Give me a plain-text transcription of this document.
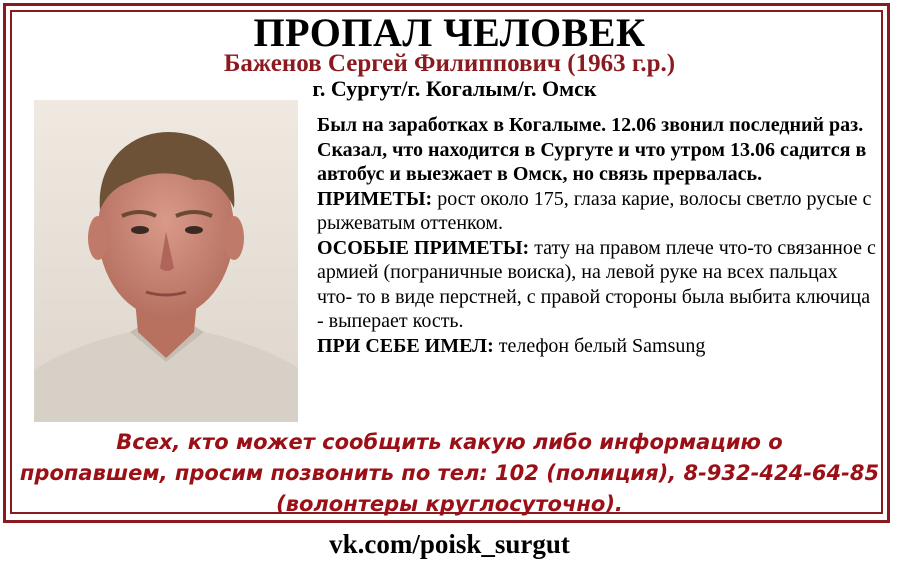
ПРОПАЛ ЧЕЛОВЕК
Баженов Сергей Филиппович (1963 г.р.)
г. Сургут/г. Когалым/г. Омск

Был на заработках в Когалыме. 12.06 звонил последний раз. Сказал, что находится в Сургуте и что утром 13.06 садится в автобус и выезжает в Омск, но связь прервалась.

ПРИМЕТЫ: рост около 175, глаза карие, волосы светло русые с рыжеватым оттенком.

ОСОБЫЕ ПРИМЕТЫ: тату на правом плече что-то связанное с армией (пограничные воиска), на левой руке на всех пальцах что- то в виде перстней, с правой стороны была выбита ключица - выперает кость.

ПРИ СЕБЕ ИМЕЛ: телефон белый Samsung

Всех, кто может сообщить какую либо информацию о
пропавшем, просим позвонить по тел: 102 (полиция), 8-932-424-64-85
(волонтеры круглосуточно).
vk.com/poisk_surgut
